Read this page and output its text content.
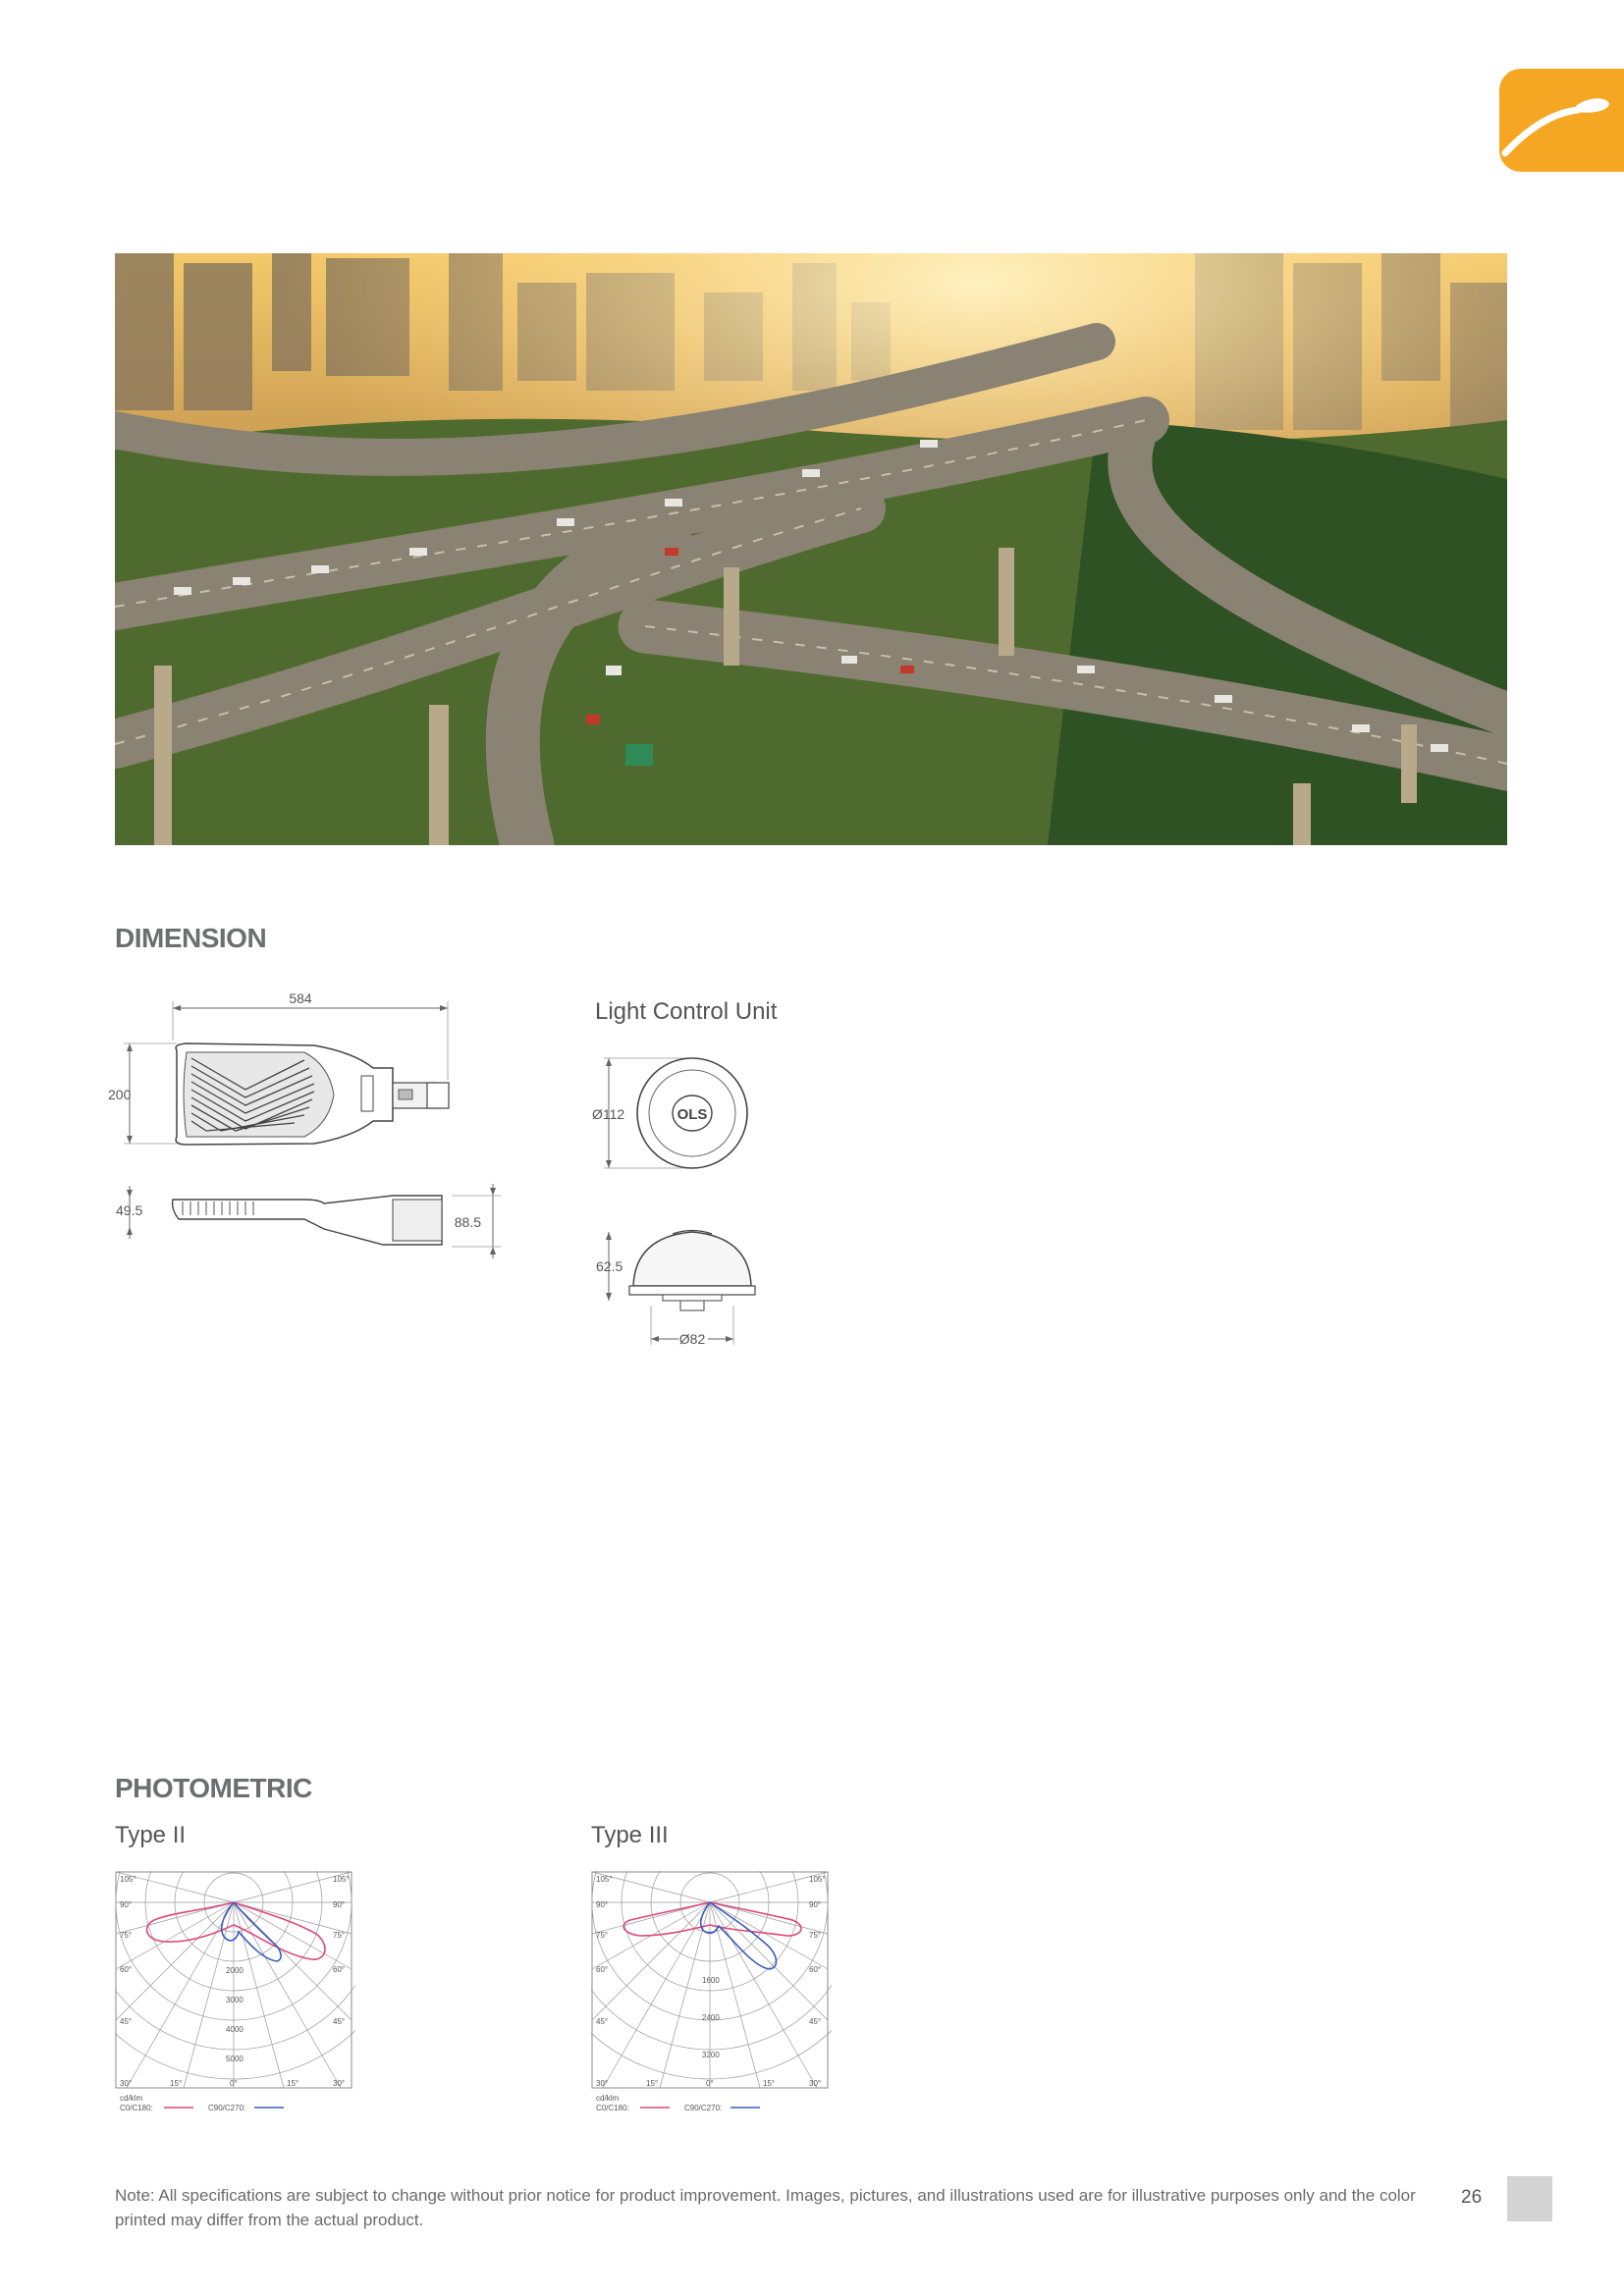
DIMENSION
584
200
49.5
88.5
Light Control Unit
Ø112	OLS
62.5
Ø82
PHOTOMETRIC
Type II	Type III
105°	105°
90°	90°
75°	75°
60°	60°
45°	45°
30°	15°	0°	15°	30°
2000
3000
4000
5000
cd/klm
C0/C180:	C90/C270:
105°	105°
90°	90°
75°	75°
60°	60°
45°	45°
30°	15°	0°	15°	30°
1600
2400
3200
cd/klm
C0/C180:	C90/C270:
Note: All specifications are subject to change without prior notice for product improvement. Images, pictures, and illustrations used are for illustrative purposes only and the color printed may differ from the actual product.
26
